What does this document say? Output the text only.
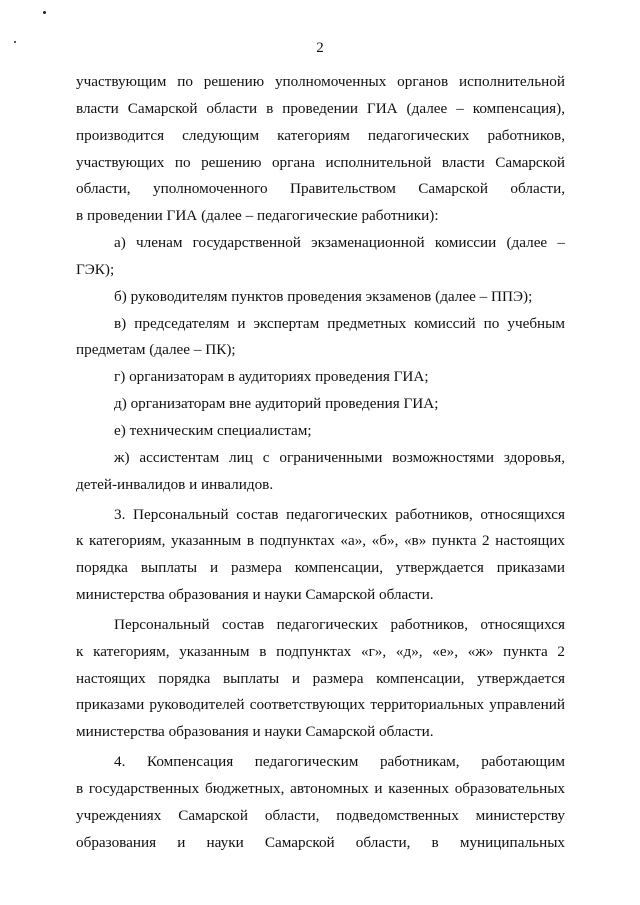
2
участвующим по решению уполномоченных органов исполнительной
власти Самарской области в проведении ГИА (далее – компенсация),
производится следующим категориям педагогических работников,
участвующих по решению органа исполнительной власти Самарской
области, уполномоченного Правительством Самарской области,
в проведении ГИА (далее – педагогические работники):
а) членам государственной экзаменационной комиссии (далее –
ГЭК);
б) руководителям пунктов проведения экзаменов (далее – ППЭ);
в) председателям и экспертам предметных комиссий по учебным
предметам (далее – ПК);
г) организаторам в аудиториях проведения ГИА;
д) организаторам вне аудиторий проведения ГИА;
е) техническим специалистам;
ж) ассистентам лиц с ограниченными возможностями здоровья,
детей-инвалидов и инвалидов.
3. Персональный состав педагогических работников, относящихся
к категориям, указанным в подпунктах «а», «б», «в» пункта 2 настоящих
порядка выплаты и размера компенсации, утверждается приказами
министерства образования и науки Самарской области.
Персональный состав педагогических работников, относящихся
к категориям, указанным в подпунктах «г», «д», «е», «ж» пункта 2
настоящих порядка выплаты и размера компенсации, утверждается
приказами руководителей соответствующих территориальных управлений
министерства образования и науки Самарской области.
4. Компенсация педагогическим работникам, работающим
в государственных бюджетных, автономных и казенных образовательных
учреждениях Самарской области, подведомственных министерству
образования и науки Самарской области, в муниципальных
